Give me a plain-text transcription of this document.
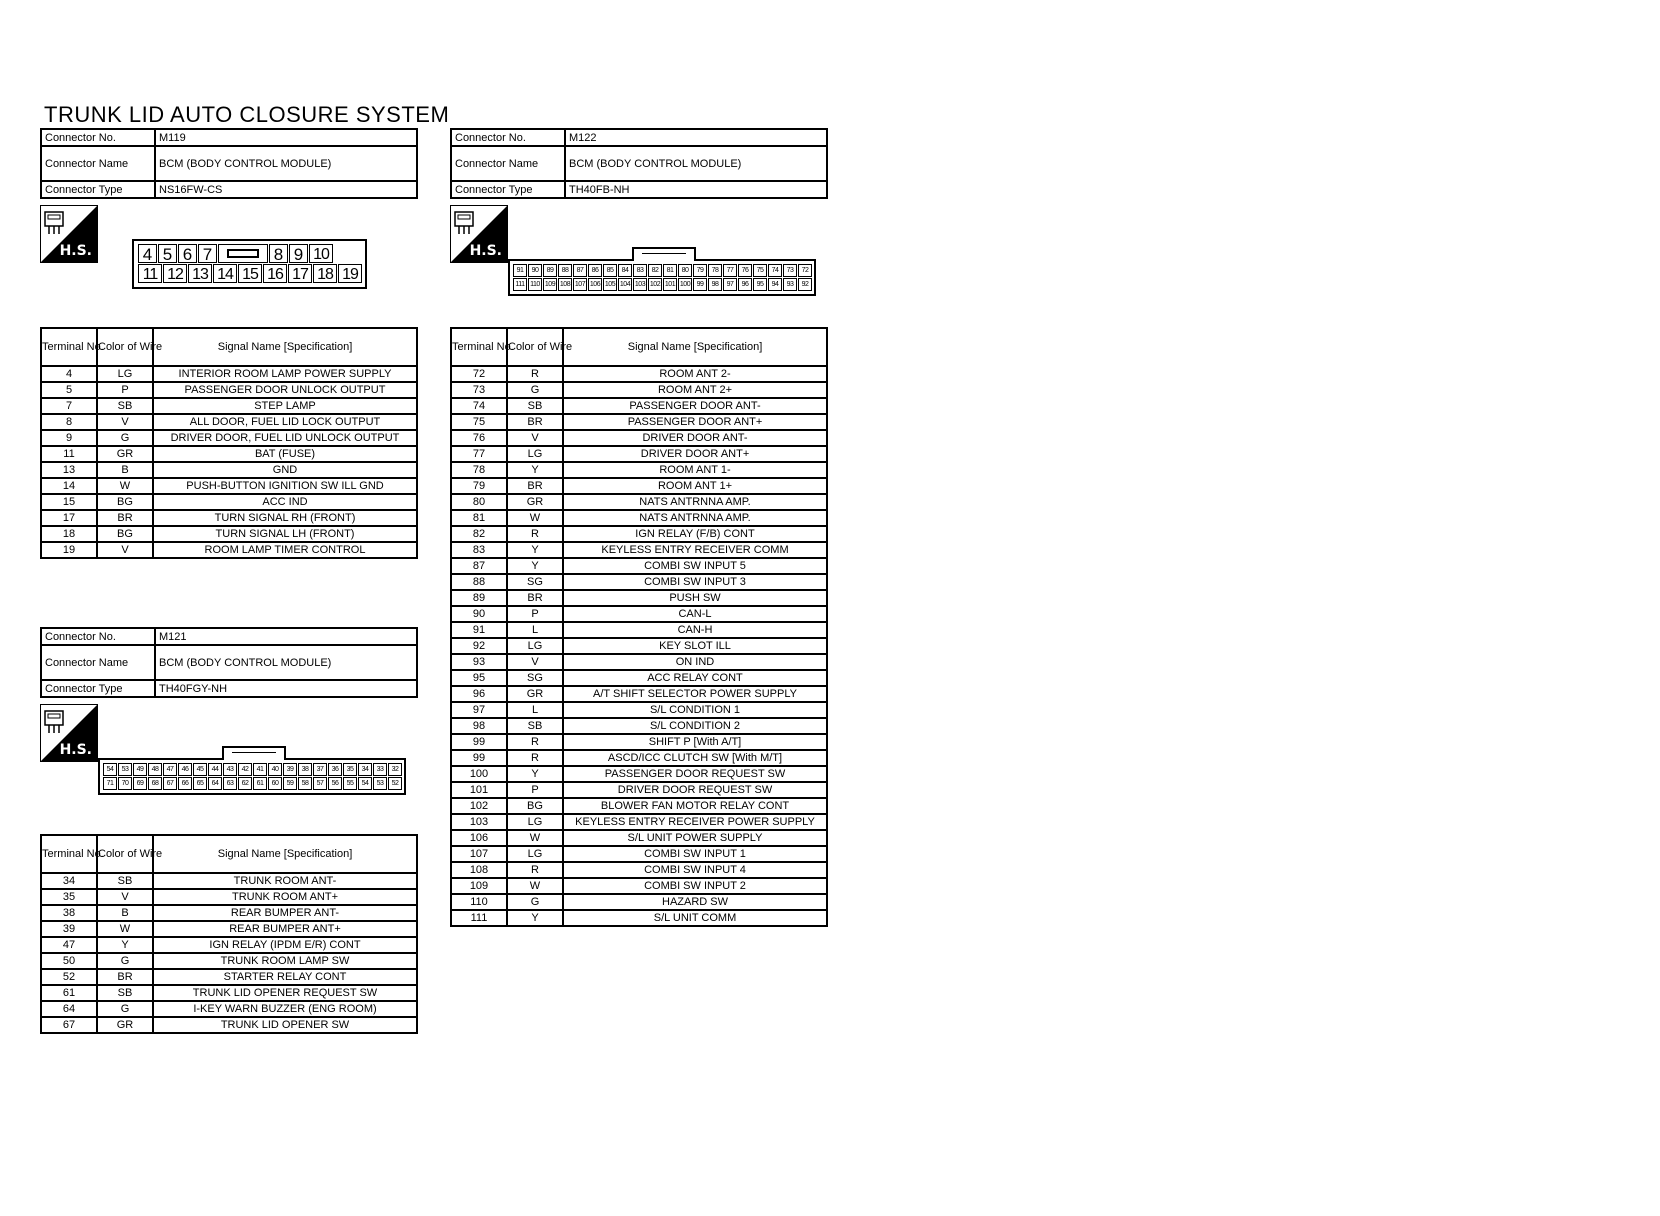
TRUNK LID AUTO CLOSURE SYSTEM
Connector No.	M119
Connector Name	BCM (BODY CONTROL MODULE)
Connector Type	NS16FW-CS
H.S.	4 5 6 7	8 9 10
11 12 13 14 15 16 17 18 19
Terminal No.	Color of Wire	Signal Name [Specification]
4	LG	INTERIOR ROOM LAMP POWER SUPPLY
5	P	PASSENGER DOOR UNLOCK OUTPUT
7	SB	STEP LAMP
8	V	ALL DOOR, FUEL LID LOCK OUTPUT
9	G	DRIVER DOOR, FUEL LID UNLOCK OUTPUT
11	GR	BAT (FUSE)
13	B	GND
14	W	PUSH-BUTTON IGNITION SW ILL GND
15	BG	ACC IND
17	BR	TURN SIGNAL RH (FRONT)
18	BG	TURN SIGNAL LH (FRONT)
19	V	ROOM LAMP TIMER CONTROL
Connector No.	M121
Connector Name	BCM (BODY CONTROL MODULE)
Connector Type	TH40FGY-NH
H.S.
54	53	49	48	47	46	45	44	43	42	41	40	39	38	37	36	35	34	33	32
71	70	69	68	67	66	65	64	63	62	61	60	59	58	57	56	55	54	53	52
Terminal No.	Color of Wire	Signal Name [Specification]
34	SB	TRUNK ROOM ANT-
35	V	TRUNK ROOM ANT+
38	B	REAR BUMPER ANT-
39	W	REAR BUMPER ANT+
47	Y	IGN RELAY (IPDM E/R) CONT
50	G	TRUNK ROOM LAMP SW
52	BR	STARTER RELAY CONT
61	SB	TRUNK LID OPENER REQUEST SW
64	G	I-KEY WARN BUZZER (ENG ROOM)
67	GR	TRUNK LID OPENER SW
Connector No.	M122
Connector Name	BCM (BODY CONTROL MODULE)
Connector Type	TH40FB-NH
H.S.
91	90	89	88	87	86	85	84	83	82	81	80	79	78	77	76	75	74	73	72
111 110 109 108 107 106 105 104 103 102 101 100 99	98	97	96	95	94	93	92
Terminal No.	Color of Wire	Signal Name [Specification]
72	R	ROOM ANT 2-
73	G	ROOM ANT 2+
74	SB	PASSENGER DOOR ANT-
75	BR	PASSENGER DOOR ANT+
76	V	DRIVER DOOR ANT-
77	LG	DRIVER DOOR ANT+
78	Y	ROOM ANT 1-
79	BR	ROOM ANT 1+
80	GR	NATS ANTRNNA AMP.
81	W	NATS ANTRNNA AMP.
82	R	IGN RELAY (F/B) CONT
83	Y	KEYLESS ENTRY RECEIVER COMM
87	Y	COMBI SW INPUT 5
88	SG	COMBI SW INPUT 3
89	BR	PUSH SW
90	P	CAN-L
91	L	CAN-H
92	LG	KEY SLOT ILL
93	V	ON IND
95	SG	ACC RELAY CONT
96	GR	A/T SHIFT SELECTOR POWER SUPPLY
97	L	S/L CONDITION 1
98	SB	S/L CONDITION 2
99	R	SHIFT P [With A/T]
99	R	ASCD/ICC CLUTCH SW [With M/T]
100	Y	PASSENGER DOOR REQUEST SW
101	P	DRIVER DOOR REQUEST SW
102	BG	BLOWER FAN MOTOR RELAY CONT
103	LG	KEYLESS ENTRY RECEIVER POWER SUPPLY
106	W	S/L UNIT POWER SUPPLY
107	LG	COMBI SW INPUT 1
108	R	COMBI SW INPUT 4
109	W	COMBI SW INPUT 2
110	G	HAZARD SW
111	Y	S/L UNIT COMM
